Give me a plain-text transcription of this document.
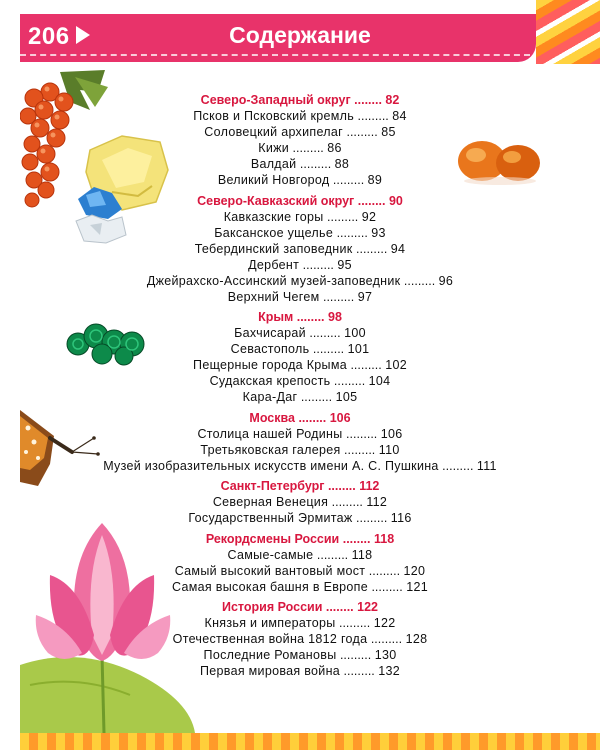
206	Содержание
Северо-Западный округ ........ 82
Псков и Псковский кремль ......... 84
Соловецкий архипелаг ......... 85
Кижи ......... 86
Валдай ......... 88
Великий Новгород ......... 89
Северо-Кавказский округ ........ 90
Кавказские горы ......... 92
Баксанское ущелье ......... 93
Тебердинский заповедник ......... 94
Дербент ......... 95
Джейрахско-Ассинский музей-заповедник ......... 96
Верхний Чегем ......... 97
Крым ........ 98
Бахчисарай ......... 100
Севастополь ......... 101
Пещерные города Крыма ......... 102
Судакская крепость ......... 104
Кара-Даг ......... 105
Москва ........ 106
Столица нашей Родины ......... 106
Третьяковская галерея ......... 110
Музей изобразительных искусств имени А. С. Пушкина ......... 111
Санкт-Петербург ........ 112
Северная Венеция ......... 112
Государственный Эрмитаж ......... 116
Рекордсмены России ........ 118
Самые-самые ......... 118
Самый высокий вантовый мост ......... 120
Самая высокая башня в Европе ......... 121
История России ........ 122
Князья и императоры ......... 122
Отечественная война 1812 года ......... 128
Последние Романовы ......... 130
Первая мировая война ......... 132
